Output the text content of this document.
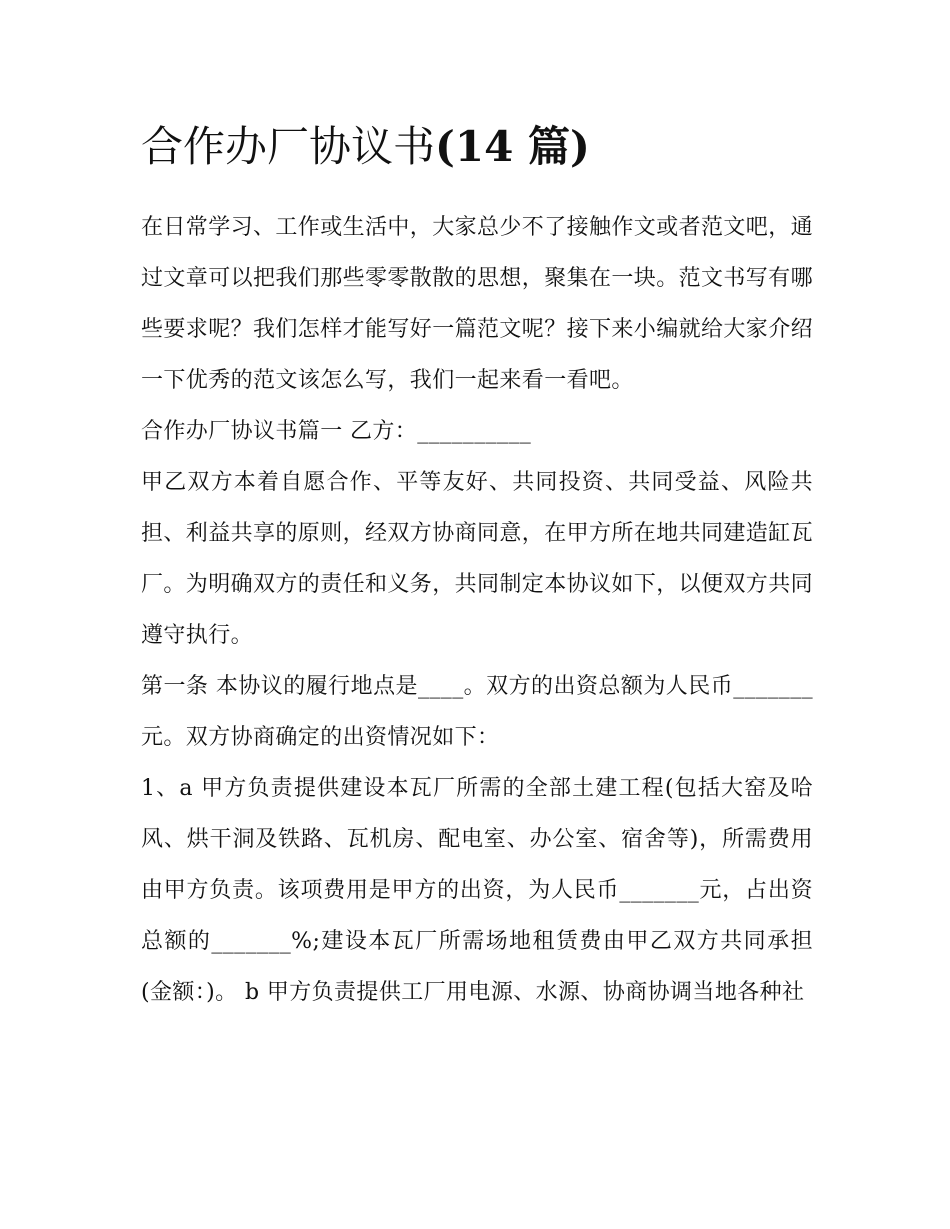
合作办厂协议书(14 篇)

在日常学习、工作或生活中，大家总少不了接触作文或者范文吧，通过文章可以把我们那些零零散散的思想，聚集在一块。范文书写有哪些要求呢？我们怎样才能写好一篇范文呢？接下来小编就给大家介绍一下优秀的范文该怎么写，我们一起来看一看吧。

合作办厂协议书篇一 乙方：__________

甲乙双方本着自愿合作、平等友好、共同投资、共同受益、风险共担、利益共享的原则，经双方协商同意，在甲方所在地共同建造缸瓦厂。为明确双方的责任和义务，共同制定本协议如下，以便双方共同遵守执行。

第一条 本协议的履行地点是____。双方的出资总额为人民币_______元。双方协商确定的出资情况如下：

1、a 甲方负责提供建设本瓦厂所需的全部土建工程(包括大窑及哈风、烘干洞及铁路、瓦机房、配电室、办公室、宿舍等)，所需费用由甲方负责。该项费用是甲方的出资，为人民币_______元，占出资总额的_______%;建设本瓦厂所需场地租赁费由甲乙双方共同承担(金额：)。 b 甲方负责提供工厂用电源、水源、协商协调当地各种社
